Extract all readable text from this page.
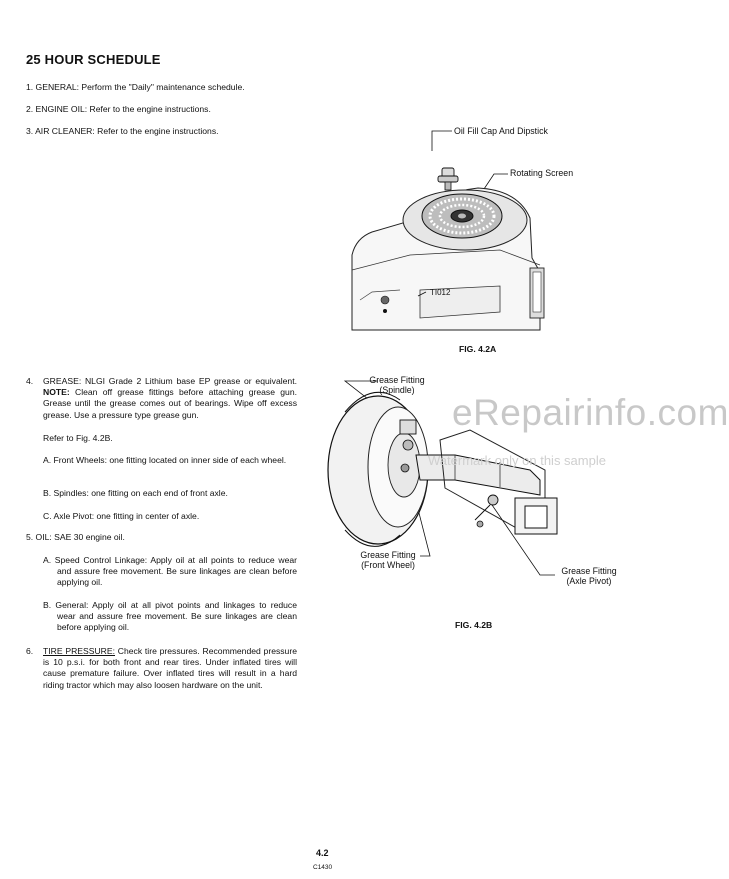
25 HOUR SCHEDULE
1. GENERAL: Perform the "Daily" maintenance schedule.
2. ENGINE OIL: Refer to the engine instructions.
3. AIR CLEANER: Refer to the engine instructions.	Oil Fill Cap And Dipstick
Rotating Screen
TI012
FIG. 4.2A
4. GREASE: NLGI Grade 2 Lithium base EP grease or equivalent. NOTE: Clean off grease fittings before attaching grease gun. Grease until the grease comes out of bearings. Wipe off excess grease. Use a pressure type grease gun.
Refer to Fig. 4.2B.
A. Front Wheels: one fitting located on inner side of each wheel.
B. Spindles: one fitting on each end of front axle.
C. Axle Pivot: one fitting in center of axle.
5. OIL: SAE 30 engine oil.
A. Speed Control Linkage: Apply oil at all points to reduce wear and assure free movement. Be sure linkages are clean before applying oil.
B. General: Apply oil at all pivot points and linkages to reduce wear and assure free movement. Be sure linkages are clean before applying oil.
6. TIRE PRESSURE: Check tire pressures. Recommended pressure is 10 p.s.i. for both front and rear tires. Under inflated tires will cause premature failure. Over inflated tires will result in a hard riding tractor which may also loosen hardware on the unit.
Grease Fitting
(Spindle)
Grease Fitting
(Front Wheel)
Grease Fitting
(Axle Pivot)
FIG. 4.2B
eRepairinfo.com
Watermark only on this sample
4.2
C1430
